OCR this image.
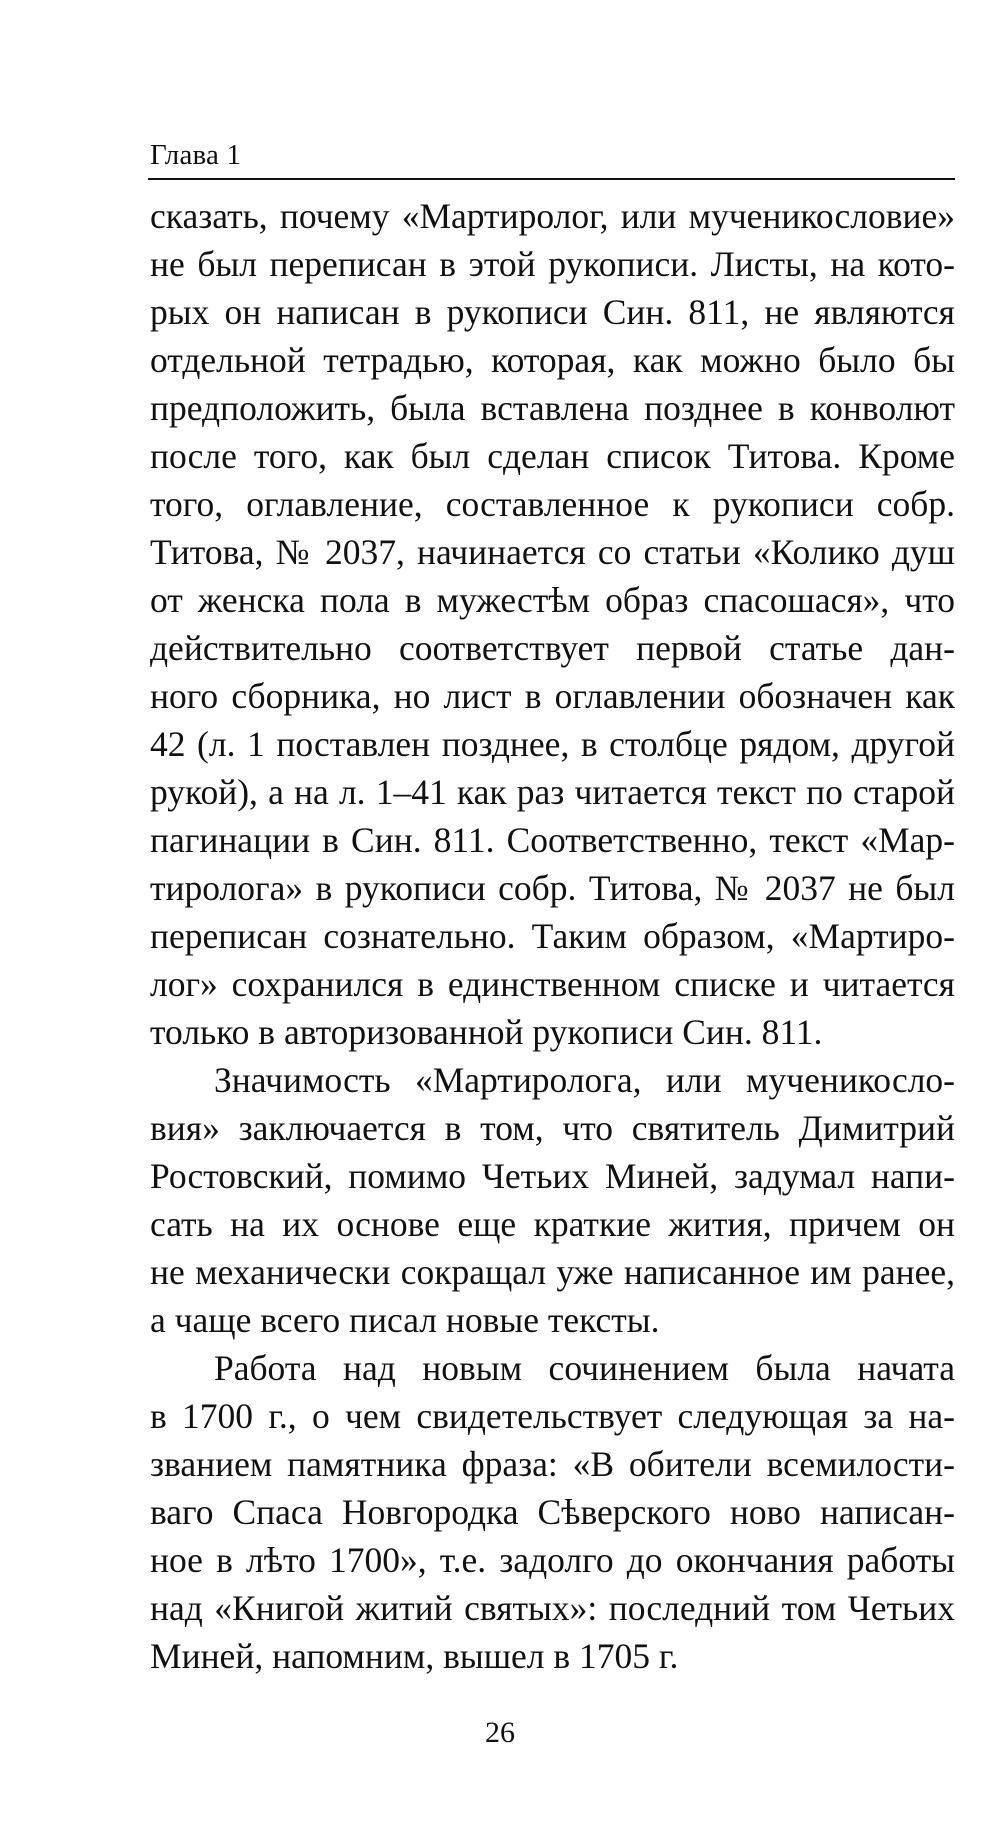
Глава 1
сказать, почему «Мартиролог, или мученикословие»
не был переписан в этой рукописи. Листы, на кото-
рых он написан в рукописи Син. 811, не являются
отдельной тетрадью, которая, как можно было бы
предположить, была вставлена позднее в конволют
после того, как был сделан список Титова. Кроме
того, оглавление, составленное к рукописи собр.
Титова, № 2037, начинается со статьи «Колико душ
от женска пола в мужестѣм образ спасошася», что
действительно соответствует первой статье дан-
ного сборника, но лист в оглавлении обозначен как
42 (л. 1 поставлен позднее, в столбце рядом, другой
рукой), а на л. 1–41 как раз читается текст по старой
пагинации в Син. 811. Соответственно, текст «Мар-
тиролога» в рукописи собр. Титова, № 2037 не был
переписан сознательно. Таким образом, «Мартиро-
лог» сохранился в единственном списке и читается
только в авторизованной рукописи Син. 811.
Значимость «Мартиролога, или мученикосло-
вия» заключается в том, что святитель Димитрий
Ростовский, помимо Четьих Миней, задумал напи-
сать на их основе еще краткие жития, причем он
не механически сокращал уже написанное им ранее,
а чаще всего писал новые тексты.
Работа над новым сочинением была начата
в 1700 г., о чем свидетельствует следующая за на-
званием памятника фраза: «В обители всемилости-
ваго Спаса Новгородка Сѣверского ново написан-
ное в лѣто 1700», т.е. задолго до окончания работы
над «Книгой житий святых»: последний том Четьих
Миней, напомним, вышел в 1705 г.
26
